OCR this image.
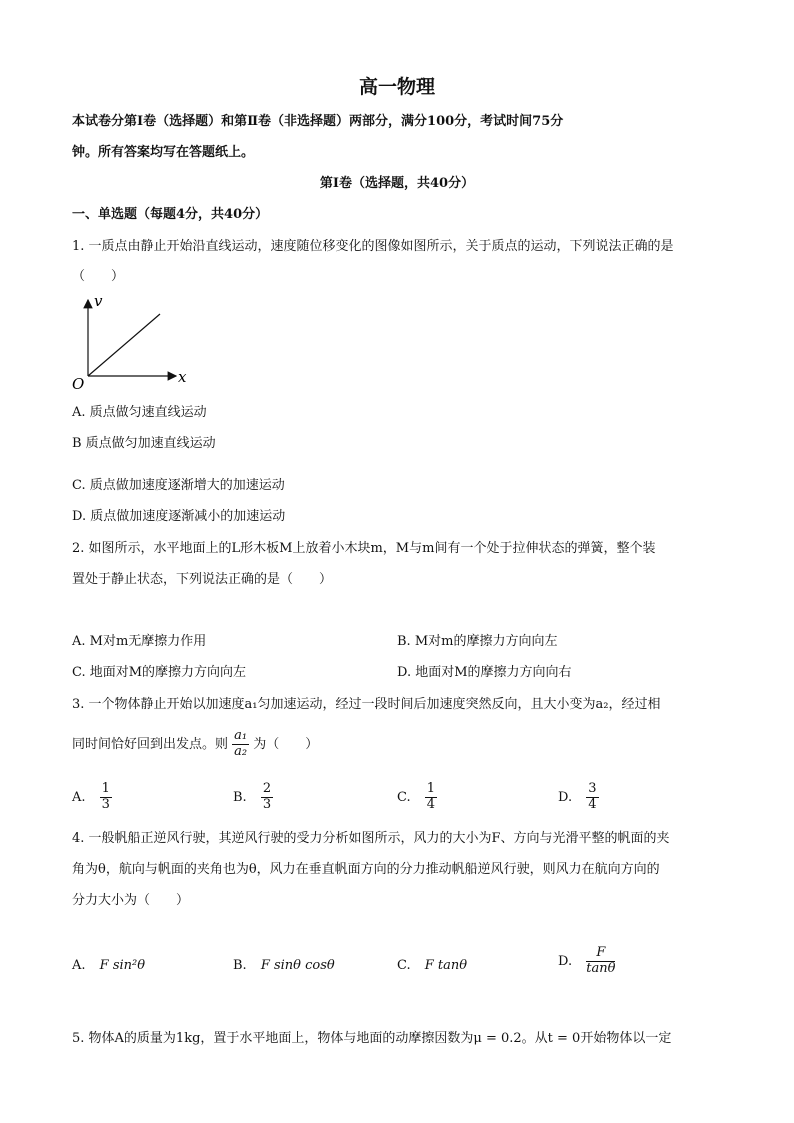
高一物理
本试卷分第Ⅰ卷（选择题）和第Ⅱ卷（非选择题）两部分，满分100分，考试时间75分
钟。所有答案均写在答题纸上。
第Ⅰ卷（选择题，共40分）
一、单选题（每题4分，共40分）
1. 一质点由静止开始沿直线运动，速度随位移变化的图像如图所示，关于质点的运动，下列说法正确的是
（　　）
v
x
O
A. 质点做匀速直线运动
B 质点做匀加速直线运动
C. 质点做加速度逐渐增大的加速运动
D. 质点做加速度逐渐减小的加速运动
2. 如图所示，水平地面上的L形木板M上放着小木块m，M与m间有一个处于拉伸状态的弹簧，整个装
置处于静止状态，下列说法正确的是（　　）
A. M对m无摩擦力作用	B. M对m的摩擦力方向向左
C. 地面对M的摩擦力方向向左	D. 地面对M的摩擦力方向向右
3. 一个物体静止开始以加速度a₁匀加速运动，经过一段时间后加速度突然反向，且大小变为a₂，经过相
同时间恰好回到出发点。则 $\frac{\text{a₁}}{\text{a₂}}$ 为（　　）
A. $\frac{1}{3}$	B. $\frac{2}{3}$	C. $\frac{1}{4}$	D. $\frac{3}{4}$
4. 一般帆船正逆风行驶，其逆风行驶的受力分析如图所示，风力的大小为F、方向与光滑平整的帆面的夹
角为θ，航向与帆面的夹角也为θ，风力在垂直帆面方向的分力推动帆船逆风行驶，则风力在航向方向的
分力大小为（　　）
A. F sin²θ	B. F sinθ cosθ	C. F tanθ	D. $\frac{F}{\tan\theta}$
5. 物体A的质量为1kg，置于水平地面上，物体与地面的动摩擦因数为μ = 0.2。从t = 0开始物体以一定
